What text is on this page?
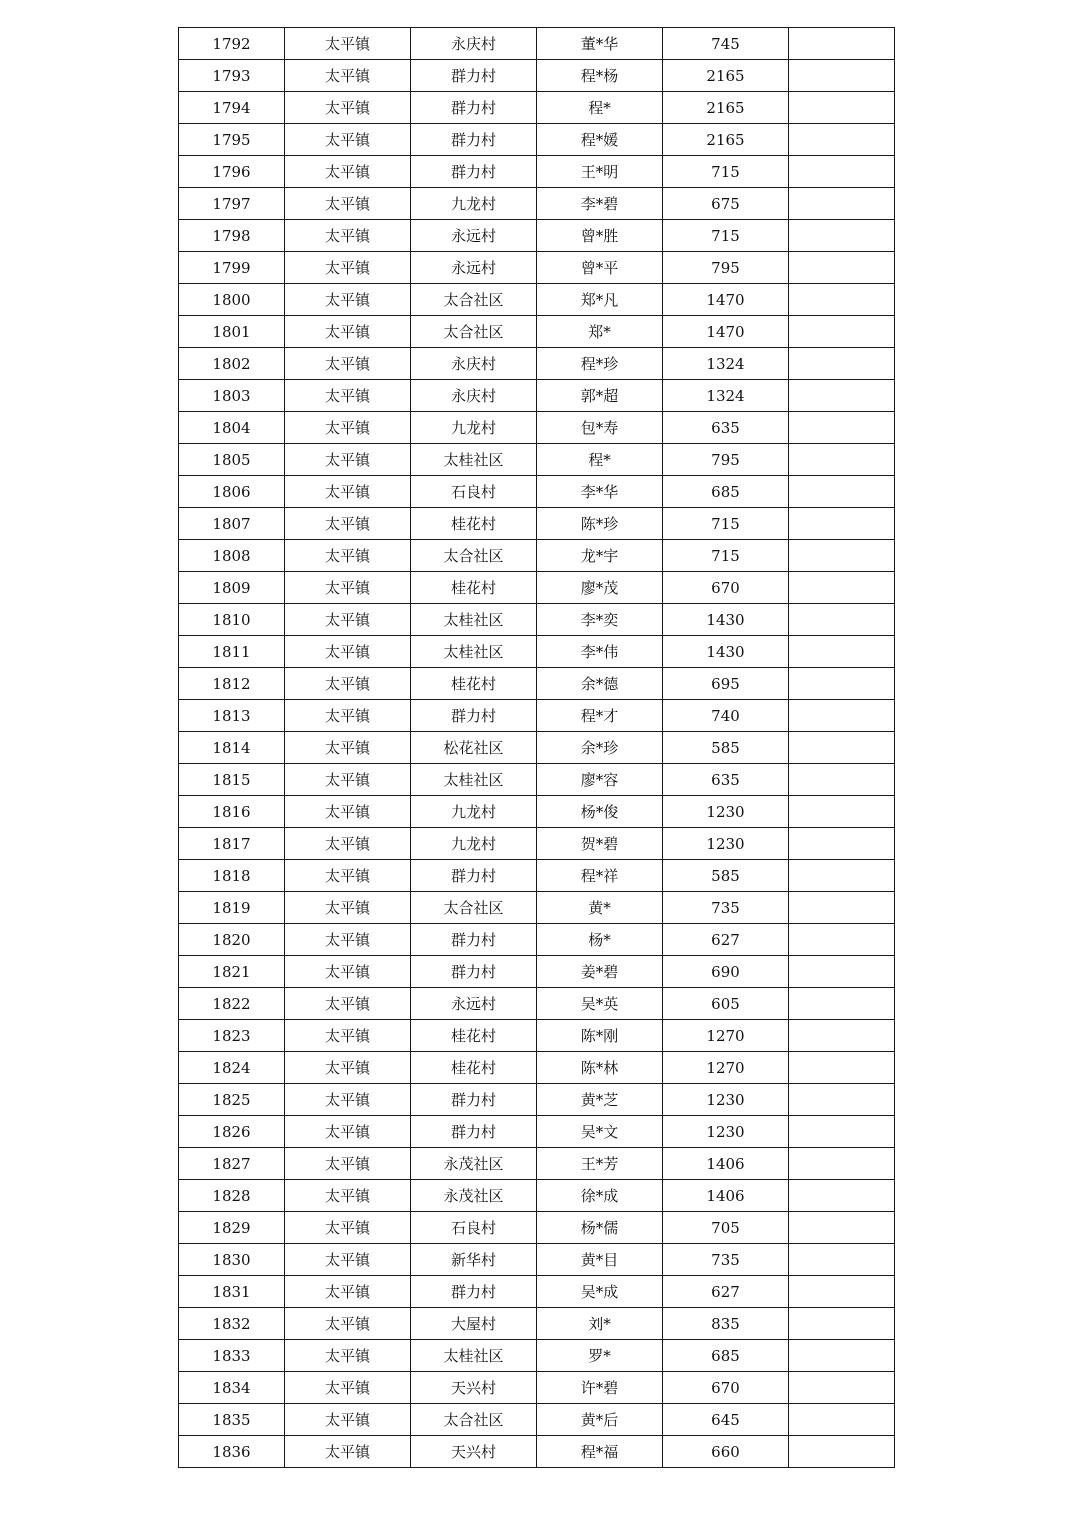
1792	太平镇	永庆村	董*华	745	
1793	太平镇	群力村	程*杨	2165	
1794	太平镇	群力村	程*	2165	
1795	太平镇	群力村	程*媛	2165	
1796	太平镇	群力村	王*明	715	
1797	太平镇	九龙村	李*碧	675	
1798	太平镇	永远村	曾*胜	715	
1799	太平镇	永远村	曾*平	795	
1800	太平镇	太合社区	郑*凡	1470	
1801	太平镇	太合社区	郑*	1470	
1802	太平镇	永庆村	程*珍	1324	
1803	太平镇	永庆村	郭*超	1324	
1804	太平镇	九龙村	包*寿	635	
1805	太平镇	太桂社区	程*	795	
1806	太平镇	石良村	李*华	685	
1807	太平镇	桂花村	陈*珍	715	
1808	太平镇	太合社区	龙*宇	715	
1809	太平镇	桂花村	廖*茂	670	
1810	太平镇	太桂社区	李*奕	1430	
1811	太平镇	太桂社区	李*伟	1430	
1812	太平镇	桂花村	余*德	695	
1813	太平镇	群力村	程*才	740	
1814	太平镇	松花社区	余*珍	585	
1815	太平镇	太桂社区	廖*容	635	
1816	太平镇	九龙村	杨*俊	1230	
1817	太平镇	九龙村	贺*碧	1230	
1818	太平镇	群力村	程*祥	585	
1819	太平镇	太合社区	黄*	735	
1820	太平镇	群力村	杨*	627	
1821	太平镇	群力村	姜*碧	690	
1822	太平镇	永远村	吴*英	605	
1823	太平镇	桂花村	陈*刚	1270	
1824	太平镇	桂花村	陈*林	1270	
1825	太平镇	群力村	黄*芝	1230	
1826	太平镇	群力村	吴*文	1230	
1827	太平镇	永茂社区	王*芳	1406	
1828	太平镇	永茂社区	徐*成	1406	
1829	太平镇	石良村	杨*儒	705	
1830	太平镇	新华村	黄*目	735	
1831	太平镇	群力村	吴*成	627	
1832	太平镇	大屋村	刘*	835	
1833	太平镇	太桂社区	罗*	685	
1834	太平镇	天兴村	许*碧	670	
1835	太平镇	太合社区	黄*后	645	
1836	太平镇	天兴村	程*福	660	
